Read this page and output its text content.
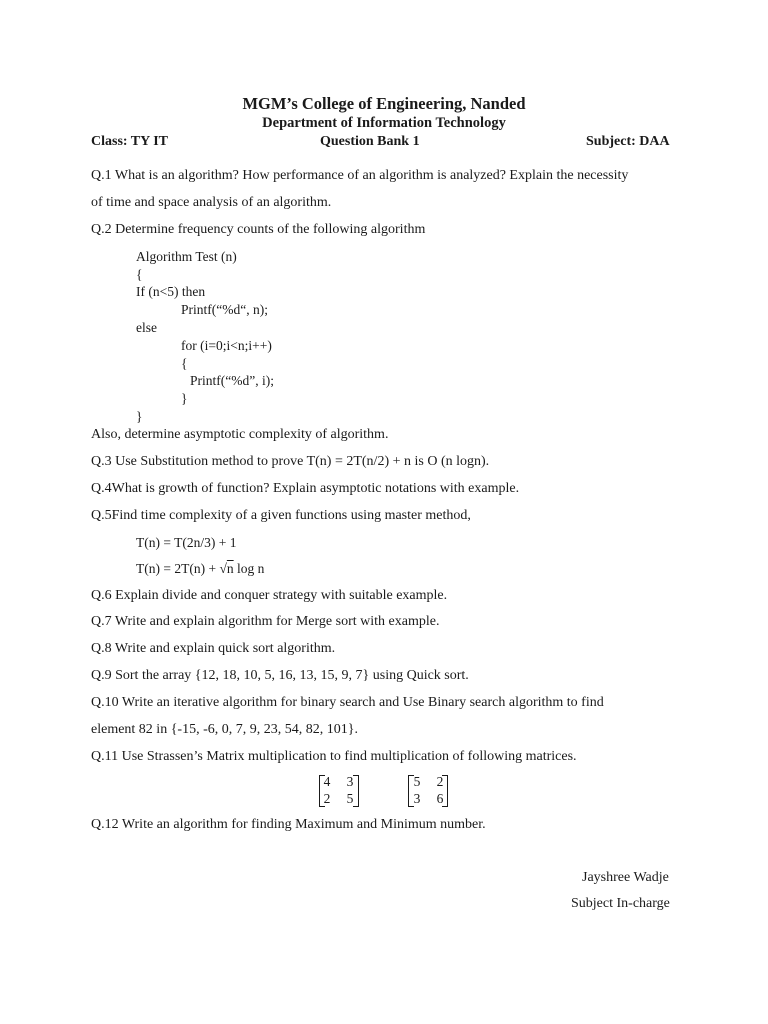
MGM’s College of Engineering, Nanded
Department of Information Technology
Class: TY IT	Question Bank 1	Subject: DAA
Q.1 What is an algorithm? How performance of an algorithm is analyzed? Explain the necessity
of time and space analysis of an algorithm.
Q.2 Determine frequency counts of the following algorithm
Algorithm Test (n)
{
If (n<5) then
Printf(“%d“, n);
else
for (i=0;i<n;i++)
{
Printf(“%d”, i);
}
}
Also, determine asymptotic complexity of algorithm.
Q.3 Use Substitution method to prove T(n) = 2T(n/2) + n is O (n logn).
Q.4What is growth of function? Explain asymptotic notations with example.
Q.5Find time complexity of a given functions using master method,
T(n) = T(2n/3) + 1
T(n) = 2T(n) + √n log n
Q.6 Explain divide and conquer strategy with suitable example.
Q.7 Write and explain algorithm for Merge sort with example.
Q.8 Write and explain quick sort algorithm.
Q.9 Sort the array {12, 18, 10, 5, 16, 13, 15, 9, 7} using Quick sort.
Q.10 Write an iterative algorithm for binary search and Use Binary search algorithm to find
element 82 in {-15, -6, 0, 7, 9, 23, 54, 82, 101}.
Q.11 Use Strassen’s Matrix multiplication to find multiplication of following matrices.
4 3
2 5
5 2
3 6
Q.12 Write an algorithm for finding Maximum and Minimum number.
Jayshree Wadje
Subject In-charge
